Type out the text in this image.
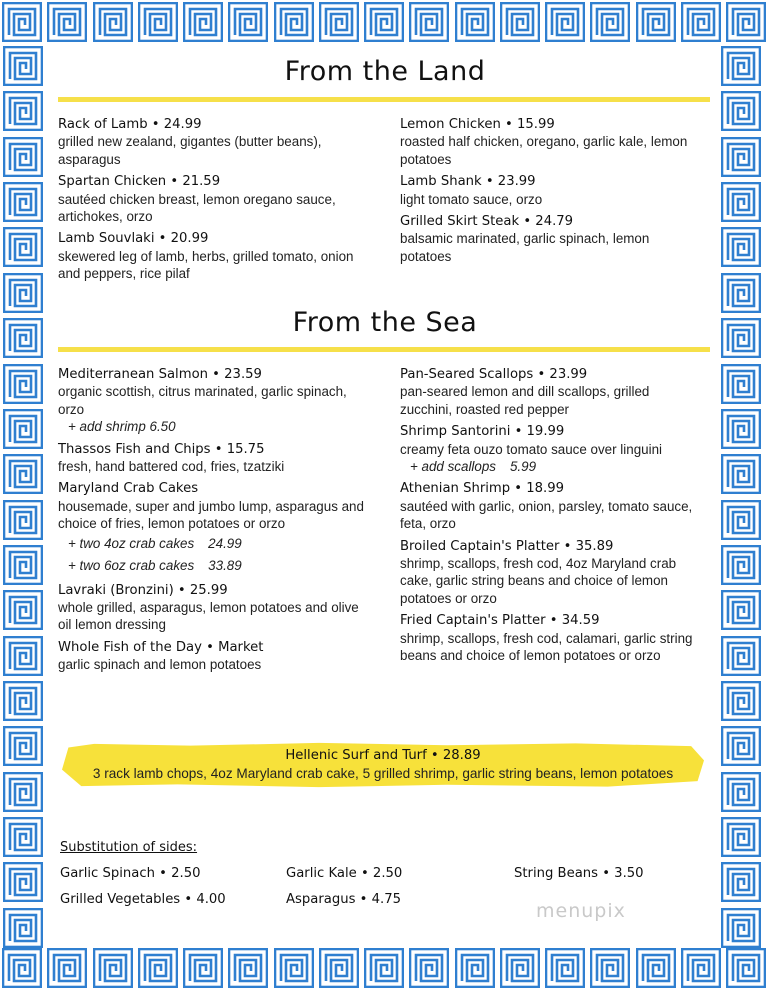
From the Land
Rack of Lamb • 24.99
grilled new zealand, gigantes (butter beans), asparagus
Spartan Chicken • 21.59
sautéed chicken breast, lemon oregano sauce, artichokes, orzo
Lamb Souvlaki • 20.99
skewered leg of lamb, herbs, grilled tomato, onion and peppers, rice pilaf
Lemon Chicken • 15.99
roasted half chicken, oregano, garlic kale, lemon potatoes
Lamb Shank • 23.99
light tomato sauce, orzo
Grilled Skirt Steak • 24.79
balsamic marinated, garlic spinach, lemon potatoes
From the Sea
Mediterranean Salmon • 23.59
organic scottish, citrus marinated, garlic spinach, orzo
+ add shrimp 6.50
Thassos Fish and Chips • 15.75
fresh, hand battered cod, fries, tzatziki
Maryland Crab Cakes
housemade, super and jumbo lump, asparagus and choice of fries, lemon potatoes or orzo
+ two 4oz crab cakes 24.99
+ two 6oz crab cakes 33.89
Lavraki (Bronzini) • 25.99
whole grilled, asparagus, lemon potatoes and olive oil lemon dressing
Whole Fish of the Day • Market
garlic spinach and lemon potatoes
Pan-Seared Scallops • 23.99
pan-seared lemon and dill scallops, grilled zucchini, roasted red pepper
Shrimp Santorini • 19.99
creamy feta ouzo tomato sauce over linguini
+ add scallops 5.99
Athenian Shrimp • 18.99
sautéed with garlic, onion, parsley, tomato sauce, feta, orzo
Broiled Captain's Platter • 35.89
shrimp, scallops, fresh cod, 4oz Maryland crab cake, garlic string beans and choice of lemon potatoes or orzo
Fried Captain's Platter • 34.59
shrimp, scallops, fresh cod, calamari, garlic string beans and choice of lemon potatoes or orzo
Hellenic Surf and Turf • 28.89
3 rack lamb chops, 4oz Maryland crab cake, 5 grilled shrimp, garlic string beans, lemon potatoes
Substitution of sides:
Garlic Spinach • 2.50
Grilled Vegetables • 4.00
Garlic Kale • 2.50
Asparagus • 4.75
String Beans • 3.50
menupix
